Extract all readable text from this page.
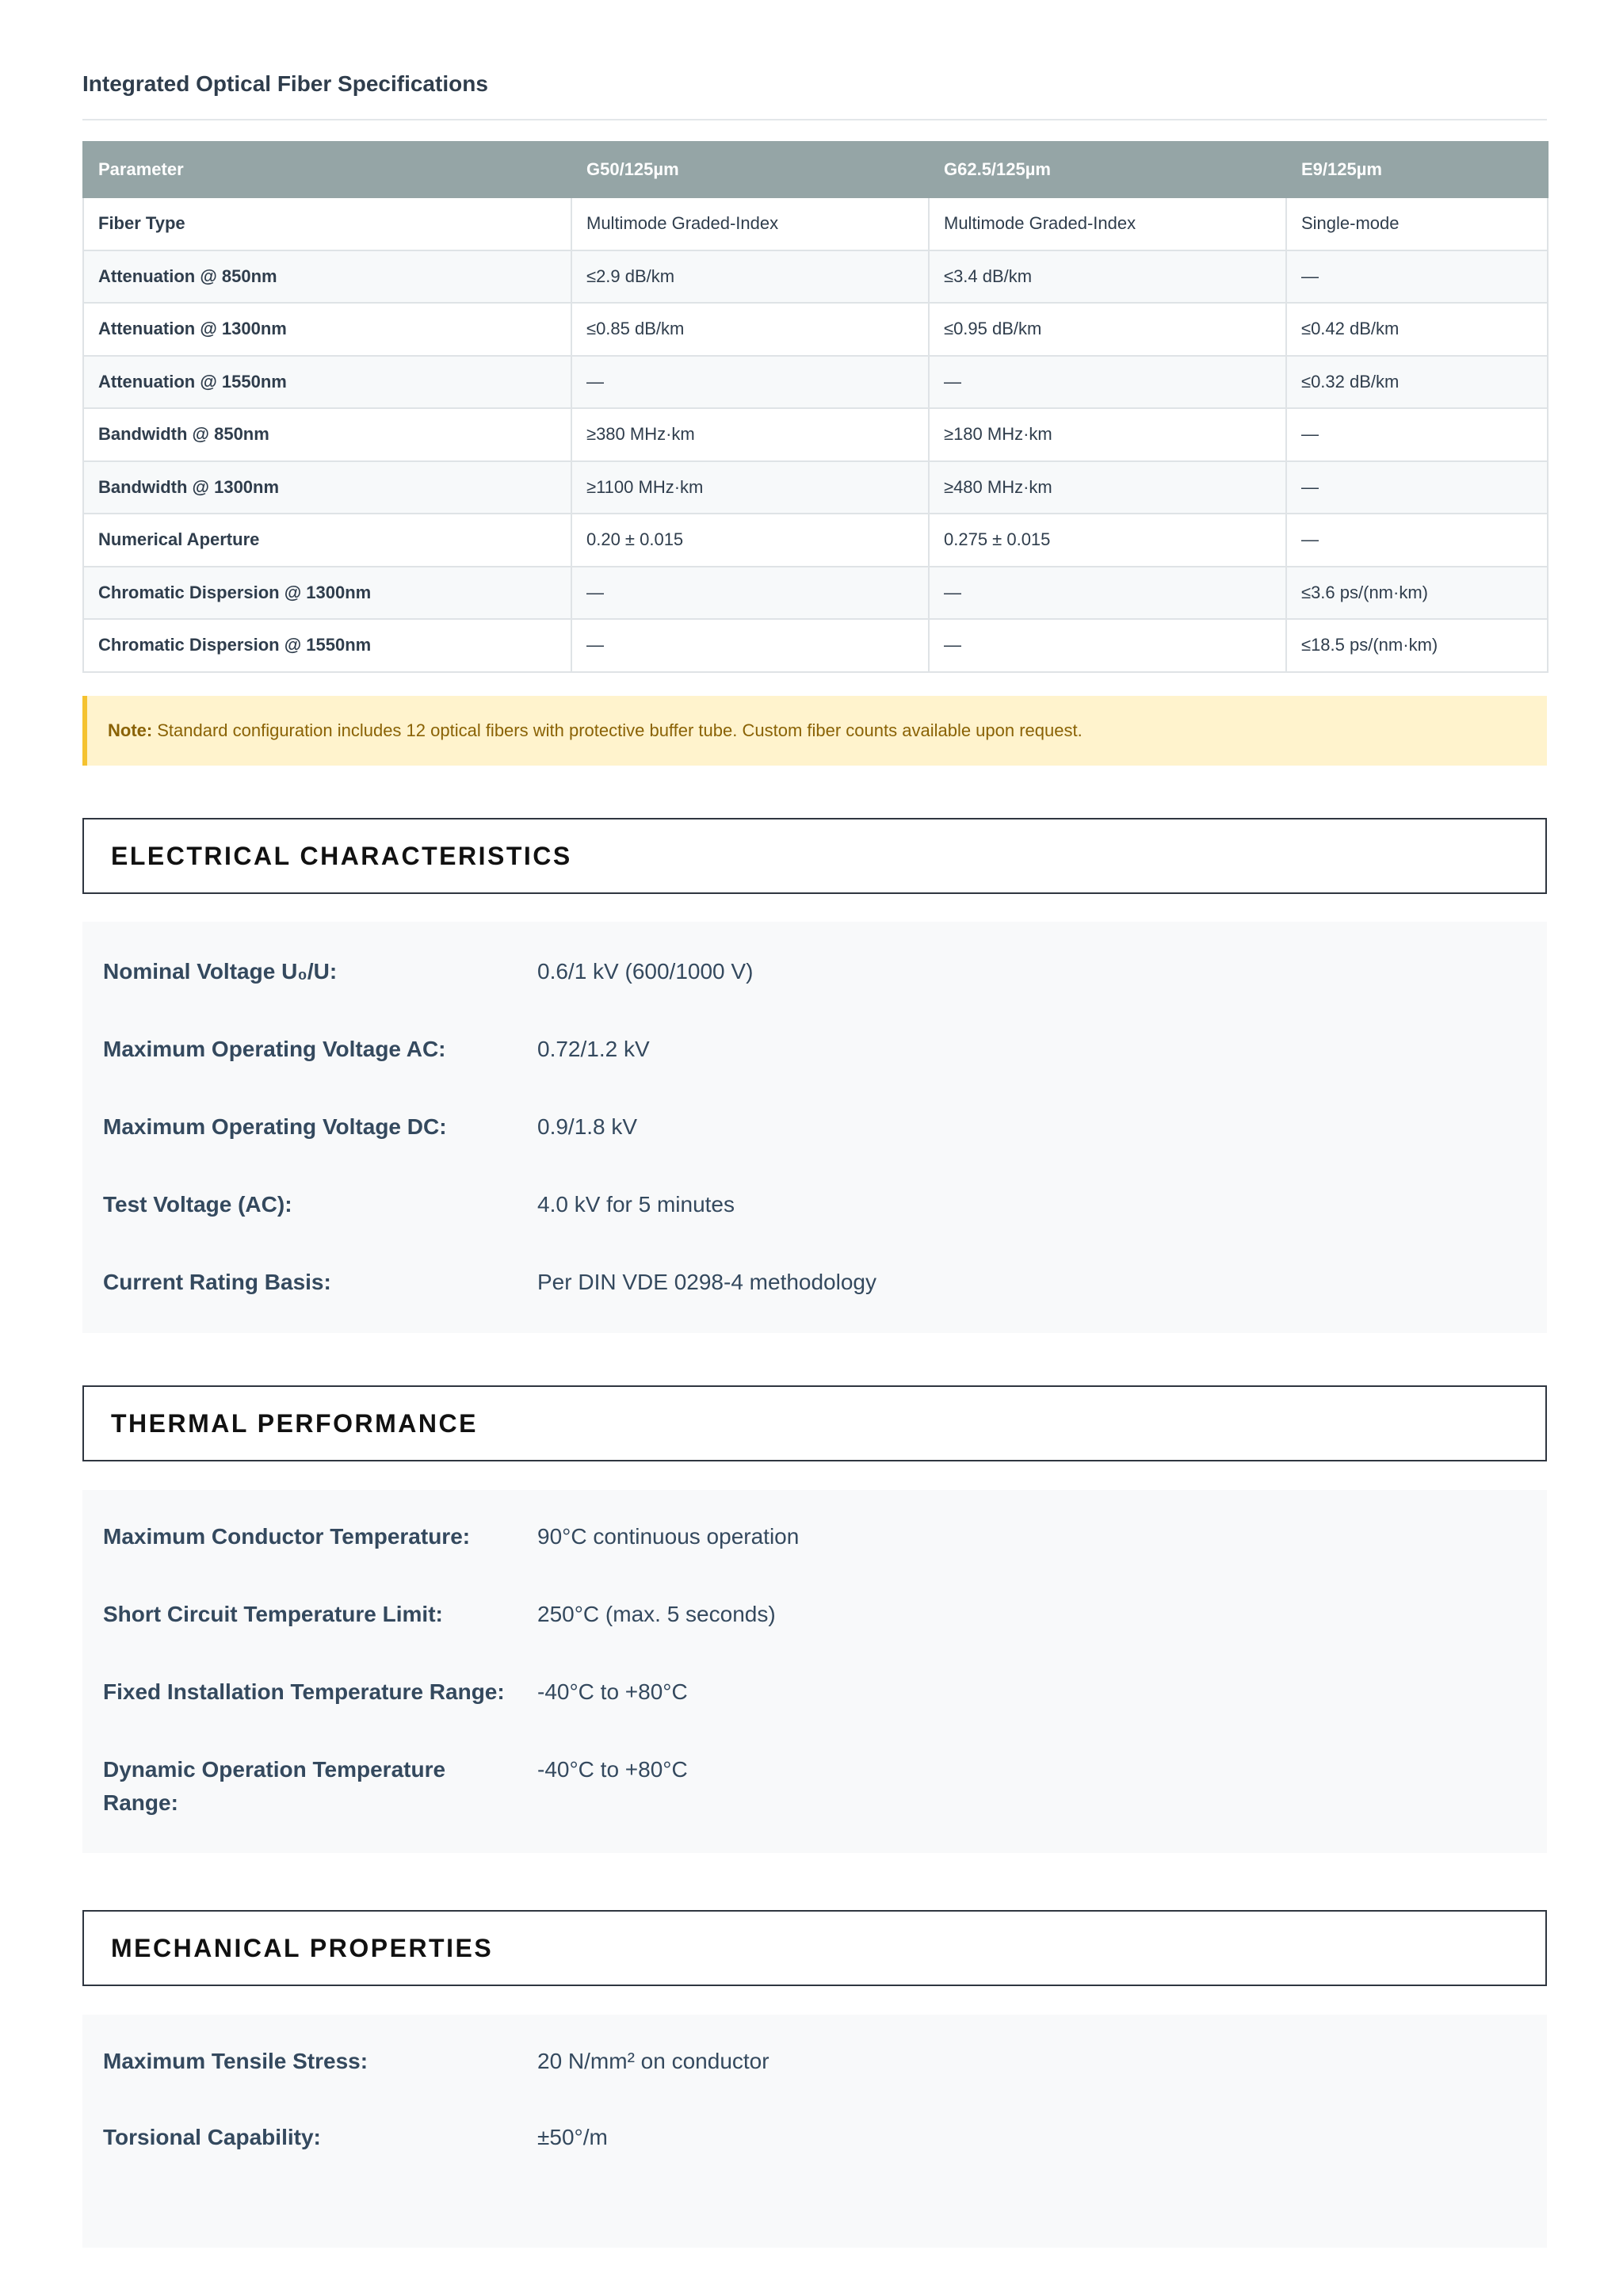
Integrated Optical Fiber Specifications
Parameter	G50/125µm	G62.5/125µm	E9/125µm
Fiber Type	Multimode Graded-Index	Multimode Graded-Index	Single-mode
Attenuation @ 850nm	≤2.9 dB/km	≤3.4 dB/km	—
Attenuation @ 1300nm	≤0.85 dB/km	≤0.95 dB/km	≤0.42 dB/km
Attenuation @ 1550nm	—	—	≤0.32 dB/km
Bandwidth @ 850nm	≥380 MHz·km	≥180 MHz·km	—
Bandwidth @ 1300nm	≥1100 MHz·km	≥480 MHz·km	—
Numerical Aperture	0.20 ± 0.015	0.275 ± 0.015	—
Chromatic Dispersion @ 1300nm	—	—	≤3.6 ps/(nm·km)
Chromatic Dispersion @ 1550nm	—	—	≤18.5 ps/(nm·km)
Note: Standard configuration includes 12 optical fibers with protective buffer tube. Custom fiber counts available upon request.
ELECTRICAL CHARACTERISTICS
Nominal Voltage U₀/U:	0.6/1 kV (600/1000 V)
Maximum Operating Voltage AC:	0.72/1.2 kV
Maximum Operating Voltage DC:	0.9/1.8 kV
Test Voltage (AC):	4.0 kV for 5 minutes
Current Rating Basis:	Per DIN VDE 0298-4 methodology
THERMAL PERFORMANCE
Maximum Conductor Temperature:	90°C continuous operation
Short Circuit Temperature Limit:	250°C (max. 5 seconds)
Fixed Installation Temperature Range:	-40°C to +80°C
Dynamic Operation Temperature Range:
-40°C to +80°C
MECHANICAL PROPERTIES
Maximum Tensile Stress:	20 N/mm² on conductor
Torsional Capability:	±50°/m
